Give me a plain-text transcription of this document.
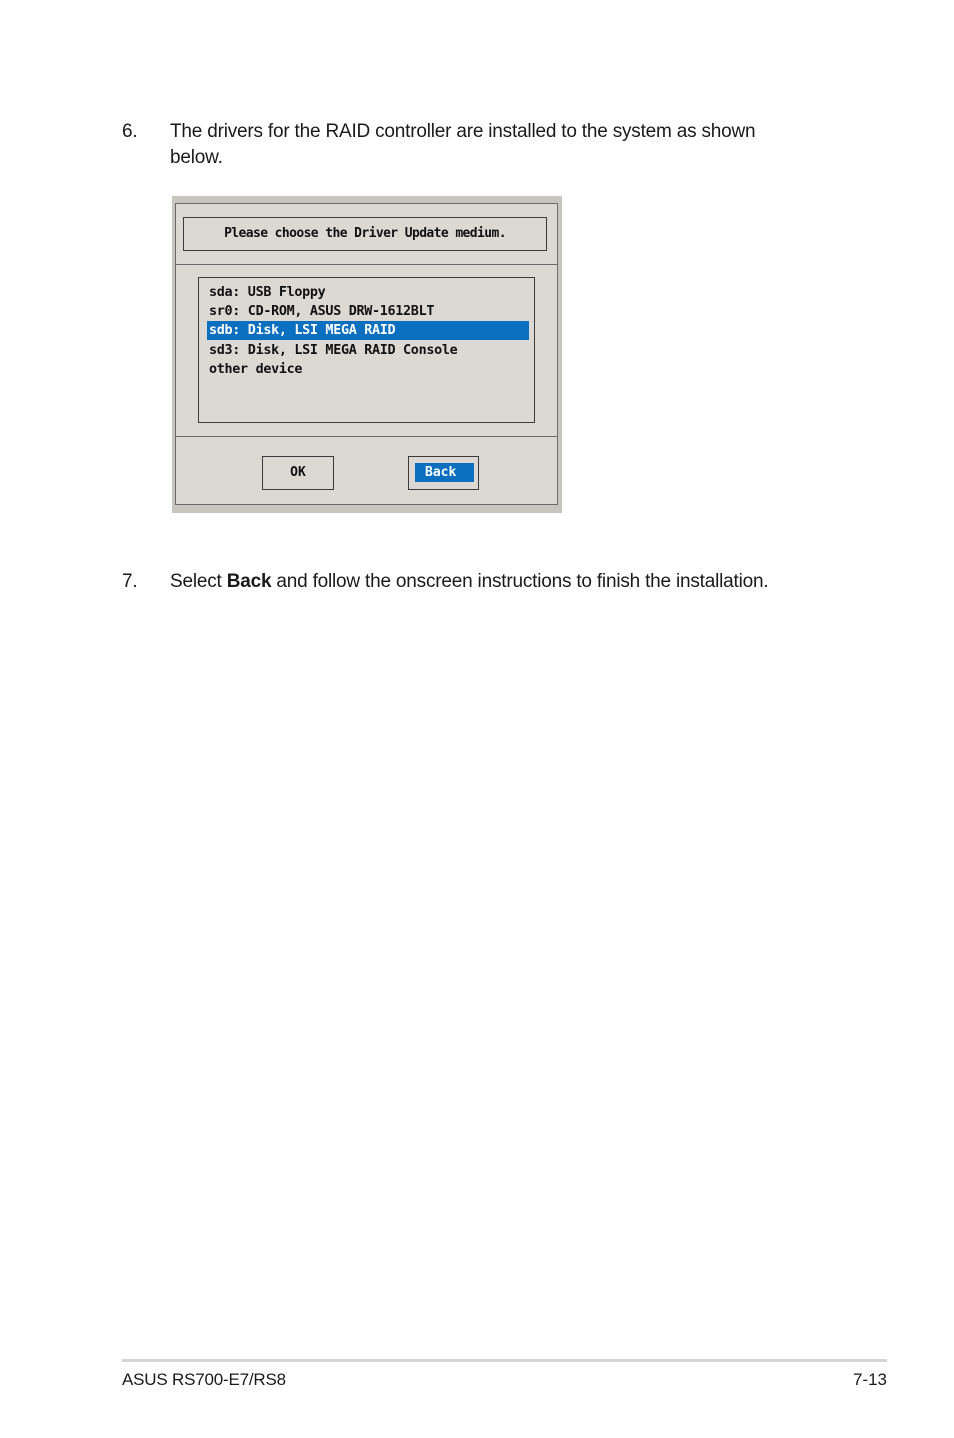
6. The drivers for the RAID controller are installed to the system as shown below.
Please choose the Driver Update medium.
sda: USB Floppy
sr0: CD-ROM, ASUS DRW-1612BLT
sdb: Disk, LSI MEGA RAID
sd3: Disk, LSI MEGA RAID Console
other device
OK	Back
7. Select Back and follow the onscreen instructions to finish the installation.
ASUS RS700-E7/RS8	7-13
